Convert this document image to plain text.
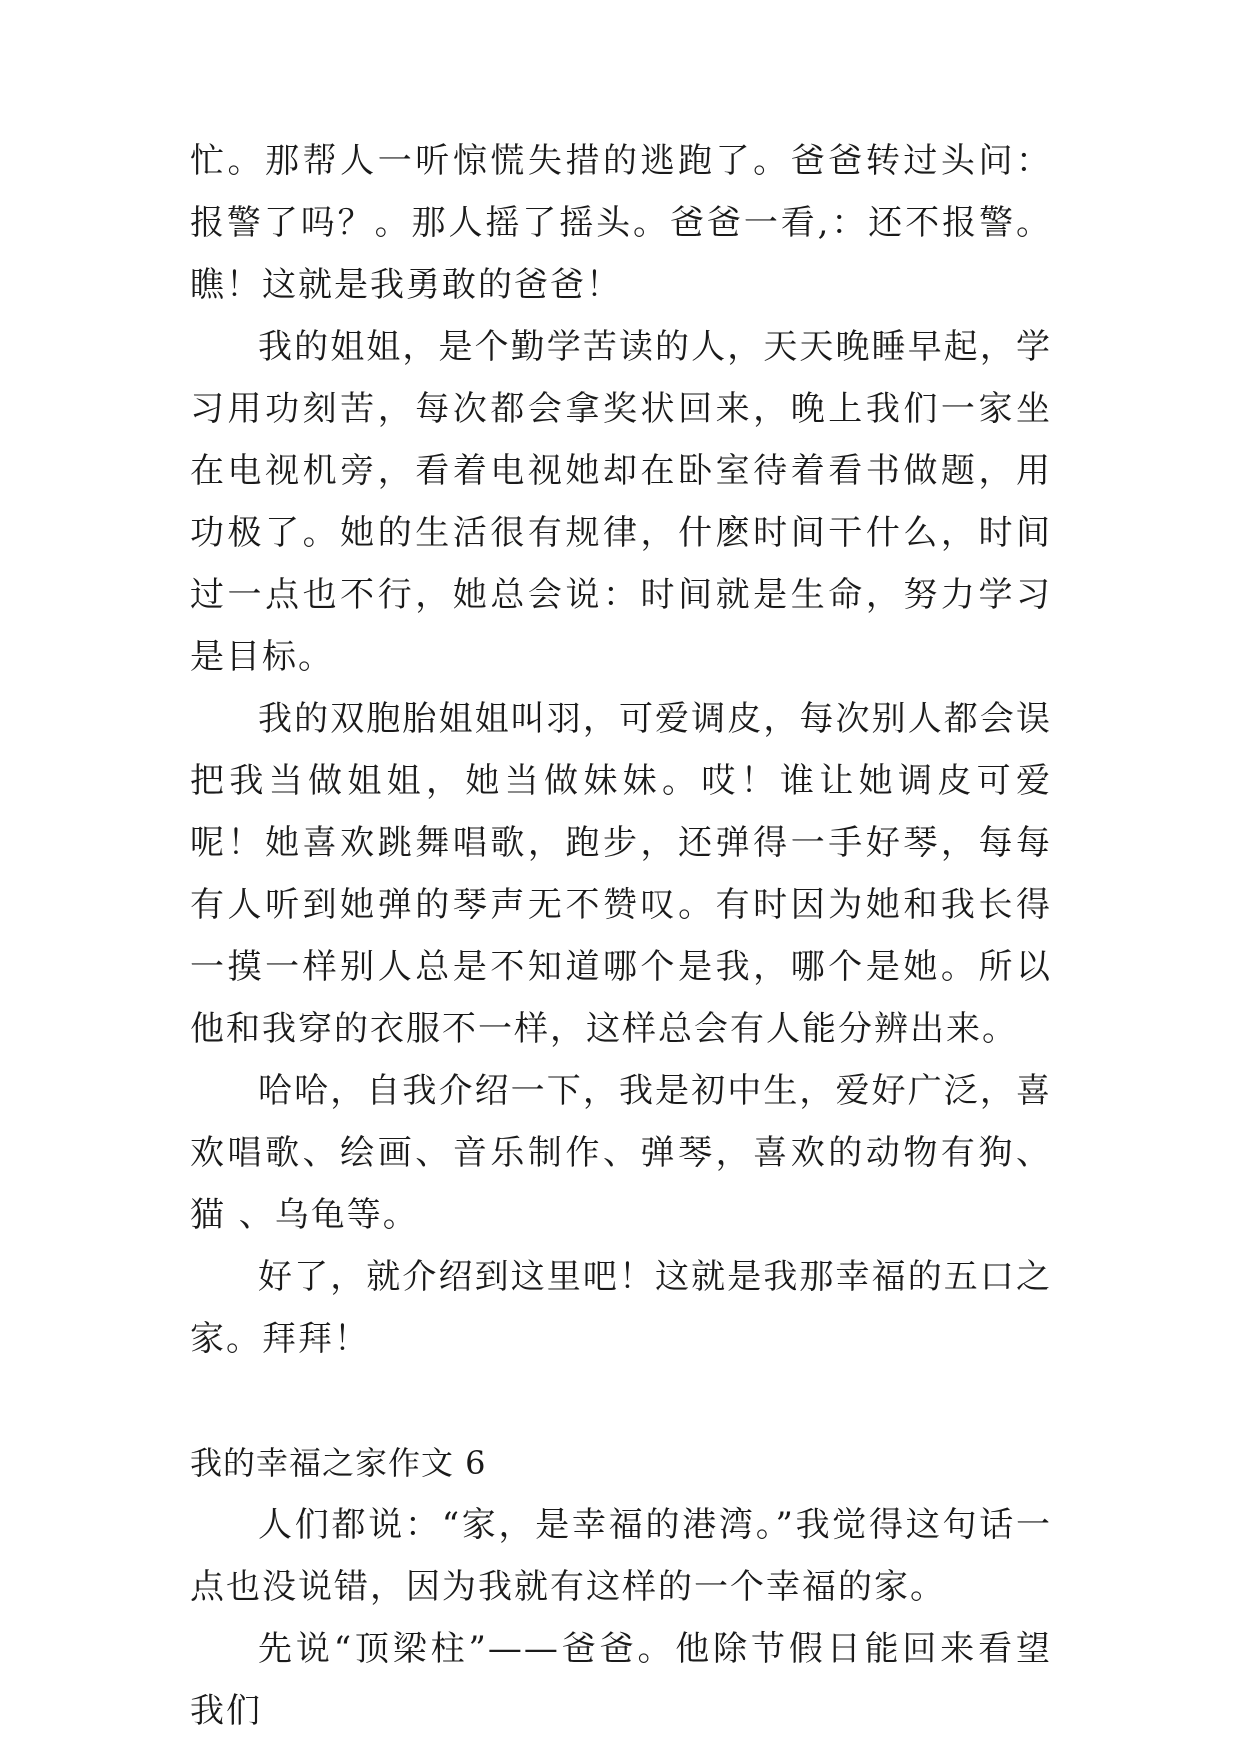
忙。那帮人一听惊慌失措的逃跑了。爸爸转过头问：报警了吗？。那人摇了摇头。爸爸一看,：还不报警。瞧！这就是我勇敢的爸爸！

我的姐姐，是个勤学苦读的人，天天晚睡早起，学习用功刻苦，每次都会拿奖状回来，晚上我们一家坐在电视机旁，看着电视她却在卧室待着看书做题，用功极了。她的生活很有规律，什麽时间干什么，时间过一点也不行，她总会说：时间就是生命，努力学习是目标。

我的双胞胎姐姐叫羽，可爱调皮，每次别人都会误把我当做姐姐，她当做妹妹。哎！谁让她调皮可爱呢！她喜欢跳舞唱歌，跑步，还弹得一手好琴，每每有人听到她弹的琴声无不赞叹。有时因为她和我长得一摸一样别人总是不知道哪个是我，哪个是她。所以他和我穿的衣服不一样，这样总会有人能分辨出来。

哈哈，自我介绍一下，我是初中生，爱好广泛，喜欢唱歌、绘画、音乐制作、弹琴，喜欢的动物有狗、猫 、乌龟等。

好了，就介绍到这里吧！这就是我那幸福的五口之家。拜拜！

我的幸福之家作文 6

人们都说：“家，是幸福的港湾。”我觉得这句话一点也没说错，因为我就有这样的一个幸福的家。

先说“顶梁柱”——爸爸。他除节假日能回来看望我们
